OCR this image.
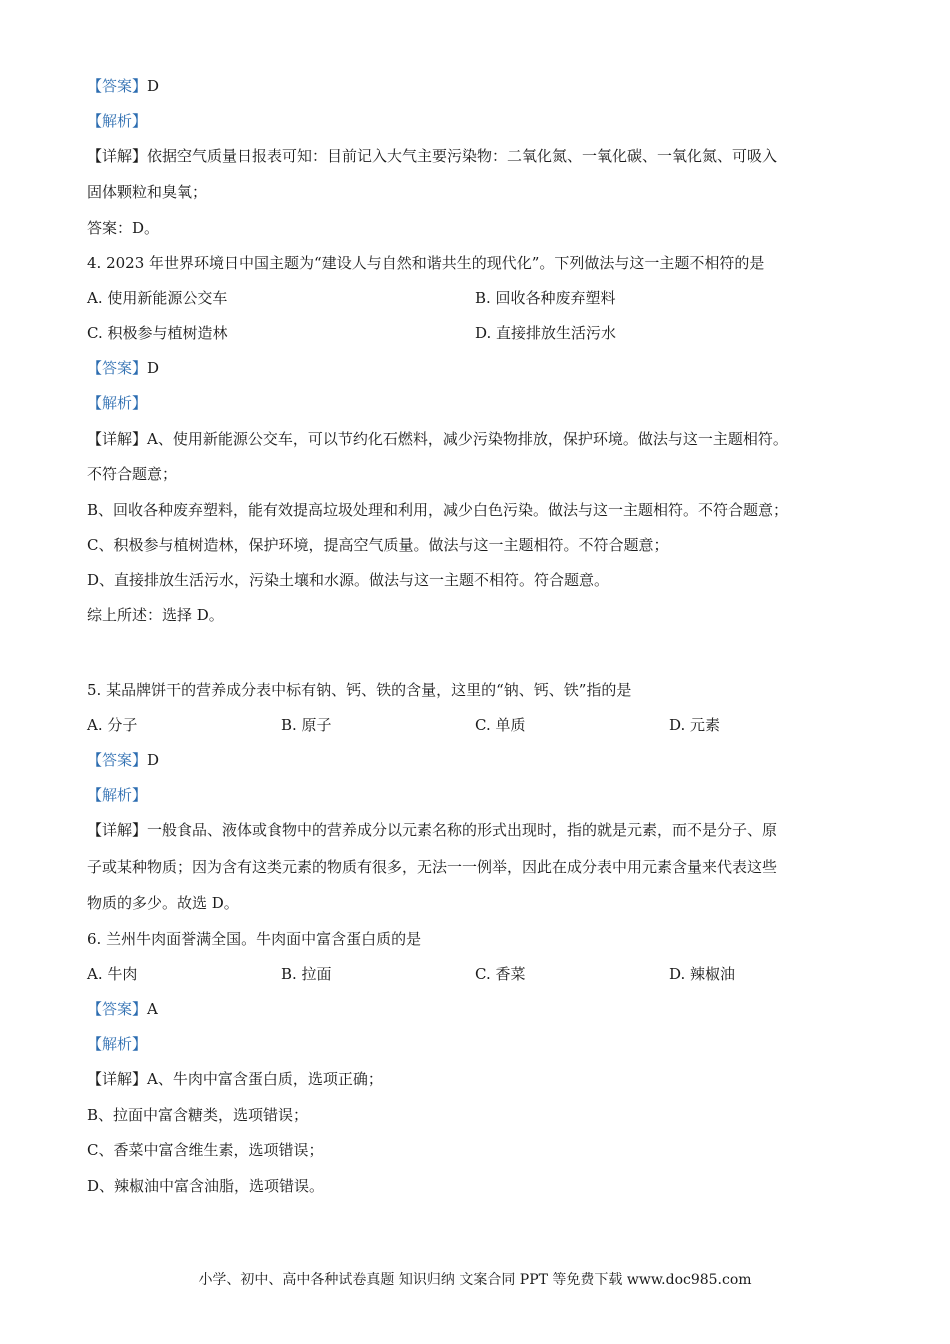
【答案】D
【解析】
【详解】依据空气质量日报表可知：目前记入大气主要污染物：二氧化氮、一氧化碳、一氧化氮、可吸入
固体颗粒和臭氧；
答案：D。
4. 2023 年世界环境日中国主题为“建设人与自然和谐共生的现代化”。下列做法与这一主题不相符的是
A. 使用新能源公交车	B. 回收各种废弃塑料
C. 积极参与植树造林	D. 直接排放生活污水
【答案】D
【解析】
【详解】A、使用新能源公交车，可以节约化石燃料，减少污染物排放，保护环境。做法与这一主题相符。
不符合题意；
B、回收各种废弃塑料，能有效提高垃圾处理和利用，减少白色污染。做法与这一主题相符。不符合题意；
C、积极参与植树造林，保护环境，提高空气质量。做法与这一主题相符。不符合题意；
D、直接排放生活污水，污染土壤和水源。做法与这一主题不相符。符合题意。
综上所述：选择 D。
5. 某品牌饼干的营养成分表中标有钠、钙、铁的含量，这里的“钠、钙、铁”指的是
A. 分子	B. 原子	C. 单质	D. 元素
【答案】D
【解析】
【详解】一般食品、液体或食物中的营养成分以元素名称的形式出现时，指的就是元素，而不是分子、原
子或某种物质；因为含有这类元素的物质有很多，无法一一例举，因此在成分表中用元素含量来代表这些
物质的多少。故选 D。
6. 兰州牛肉面誉满全国。牛肉面中富含蛋白质的是
A. 牛肉	B. 拉面	C. 香菜	D. 辣椒油
【答案】A
【解析】
【详解】A、牛肉中富含蛋白质，选项正确；
B、拉面中富含糖类，选项错误；
C、香菜中富含维生素，选项错误；
D、辣椒油中富含油脂，选项错误。
小学、初中、高中各种试卷真题 知识归纳 文案合同 PPT 等免费下载 www.doc985.com
